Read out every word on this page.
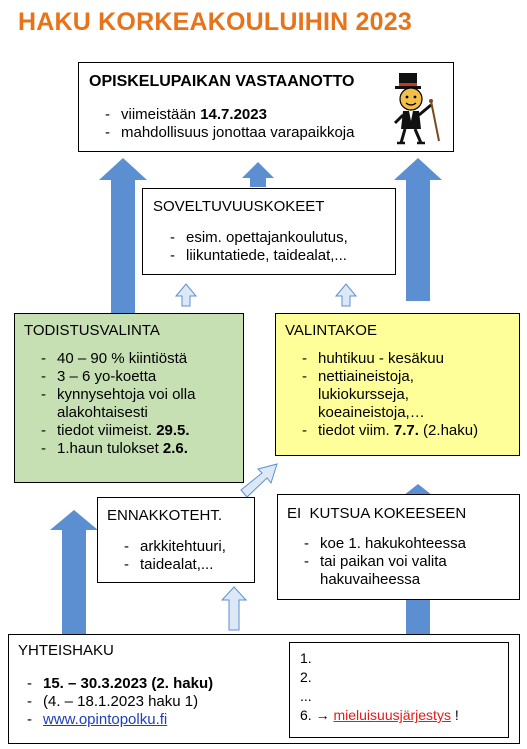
HAKU KORKEAKOULUIHIN 2023
OPISKELUPAIKAN VASTAANOTTO
- viimeistään 14.7.2023
- mahdollisuus jonottaa varapaikkoja
SOVELTUVUUSKOKEET
- esim. opettajankoulutus,
- liikuntatiede, taidealat,...
TODISTUSVALINTA
- 40 – 90 % kiintiöstä
- 3 – 6 yo-koetta
- kynnysehtoja voi olla alakohtaisesti
- tiedot viimeist. 29.5.
- 1.haun tulokset 2.6.
VALINTAKOE
- huhtikuu - kesäkuu
- nettiaineistoja, lukiokursseja, koeaineistoja,…
- tiedot viim. 7.7. (2.haku)
ENNAKKOTEHT.
- arkkitehtuuri,
- taidealat,...
EI  KUTSUA KOKEESEEN
- koe 1. hakukohteessa
- tai paikan voi valita hakuvaiheessa
YHTEISHAKU
- 15. – 30.3.2023 (2. haku)
- (4. – 18.1.2023 haku 1)
- www.opintopolku.fi
1.
2.
...
6. → mieluisuusjärjestys !
